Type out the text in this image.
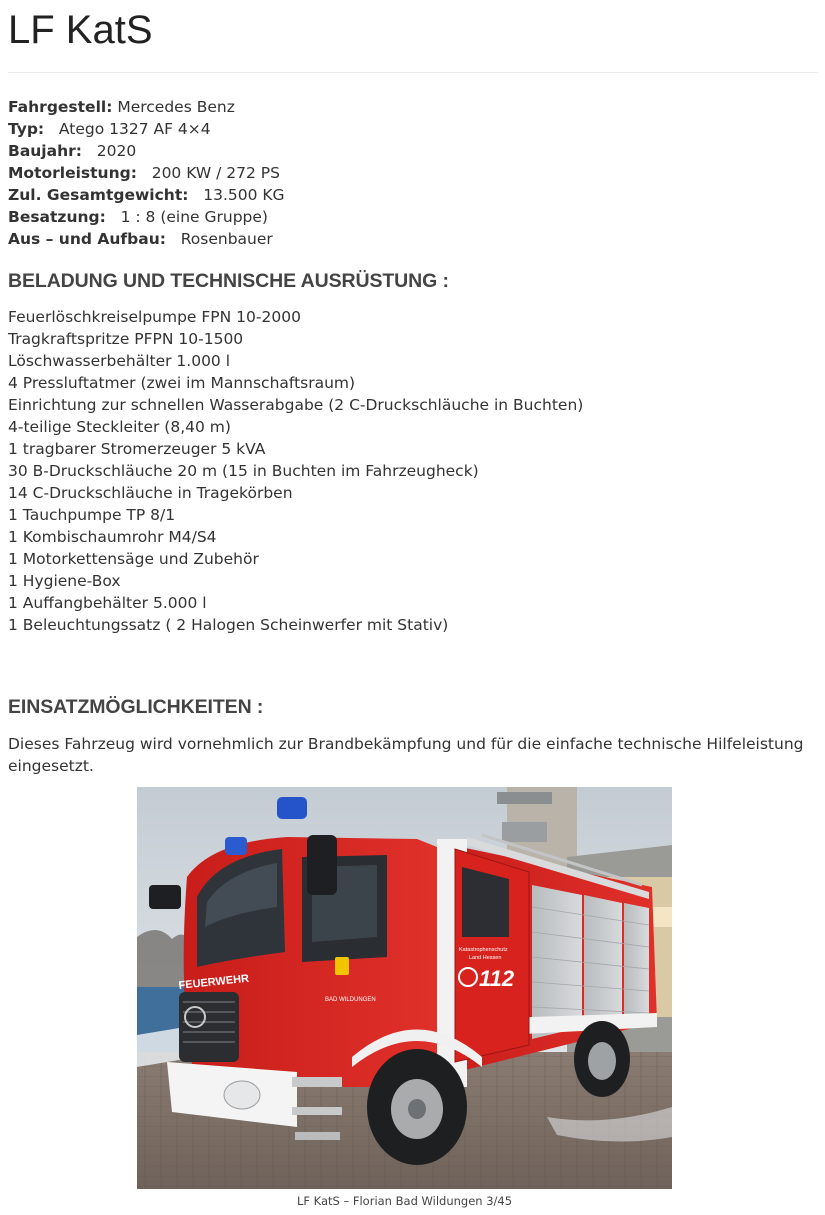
LF KatS
Fahrgestell: Mercedes Benz
Typ:   Atego 1327 AF 4×4
Baujahr:   2020
Motorleistung:   200 KW / 272 PS
Zul. Gesamtgewicht:   13.500 KG
Besatzung:   1 : 8 (eine Gruppe)
Aus – und Aufbau:   Rosenbauer
BELADUNG UND TECHNISCHE AUSRÜSTUNG :
Feuerlöschkreiselpumpe FPN 10-2000
Tragkraftspritze PFPN 10-1500
Löschwasserbehälter 1.000 l
4 Pressluftatmer (zwei im Mannschaftsraum)
Einrichtung zur schnellen Wasserabgabe (2 C-Druckschläuche in Buchten)
4-teilige Steckleiter (8,40 m)
1 tragbarer Stromerzeuger 5 kVA
30 B-Druckschläuche 20 m (15 in Buchten im Fahrzeugheck)
14 C-Druckschläuche in Tragekörben
1 Tauchpumpe TP 8/1
1 Kombischaumrohr M4/S4
1 Motorkettensäge und Zubehör
1 Hygiene-Box
1 Auffangbehälter 5.000 l
1 Beleuchtungssatz ( 2 Halogen Scheinwerfer mit Stativ)
EINSATZMÖGLICHKEITEN :

Dieses Fahrzeug wird vornehmlich zur Brandbekämpfung und für die einfache technische Hilfeleistung eingesetzt.

FEUERWEHR
BAD WILDUNGEN
Katastrophenschutz
Land Hessen
112
LF KatS – Florian Bad Wildungen 3/45
